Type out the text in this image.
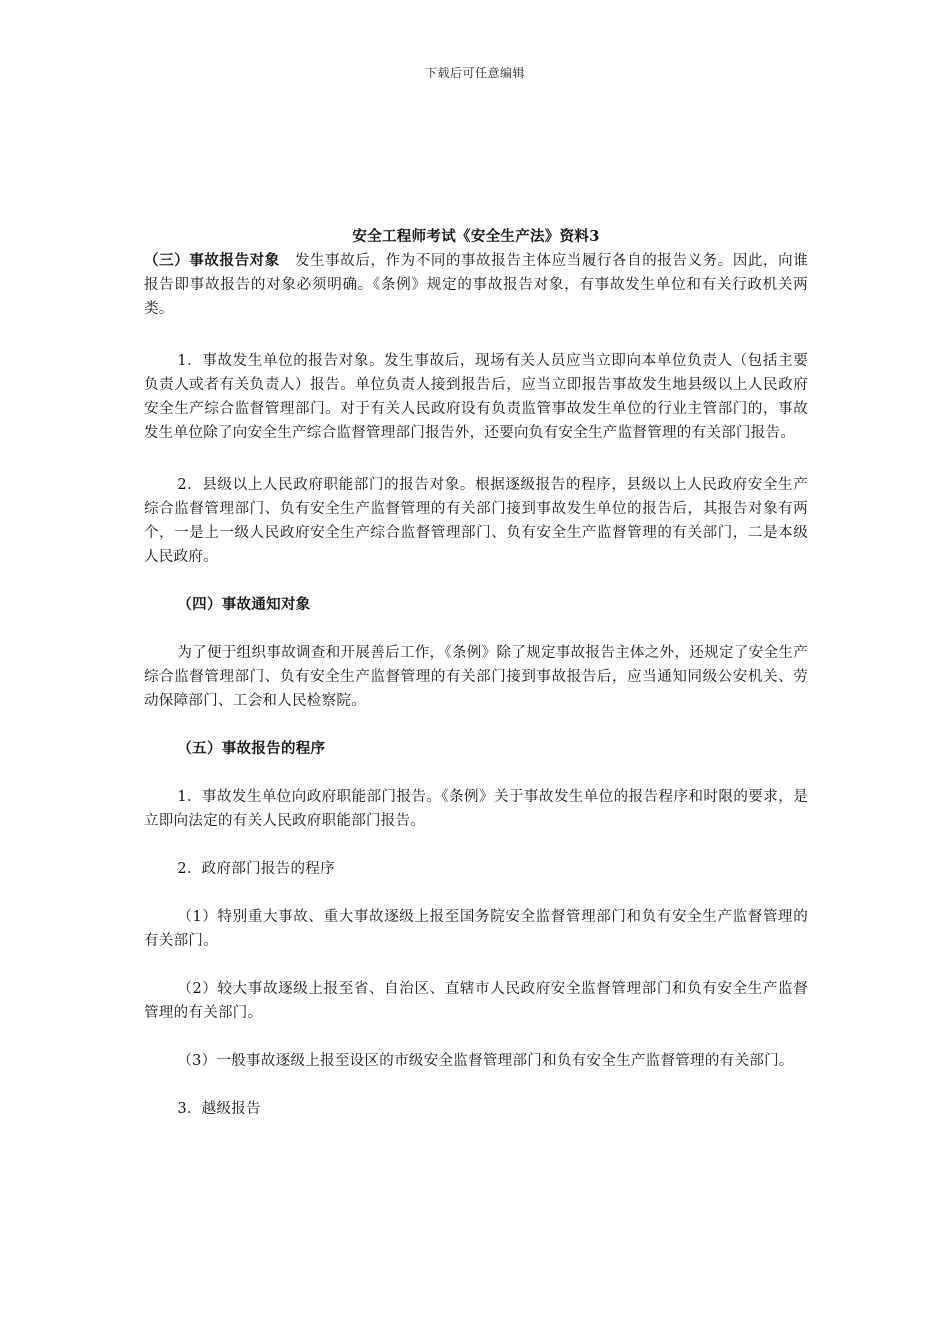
下载后可任意编辑

安全工程师考试《安全生产法》资料3

（三）事故报告对象　发生事故后，作为不同的事故报告主体应当履行各自的报告义务。因此，向谁报告即事故报告的对象必须明确。《条例》规定的事故报告对象，有事故发生单位和有关行政机关两类。

1．事故发生单位的报告对象。发生事故后，现场有关人员应当立即向本单位负责人（包括主要负责人或者有关负责人）报告。单位负责人接到报告后，应当立即报告事故发生地县级以上人民政府安全生产综合监督管理部门。对于有关人民政府设有负责监管事故发生单位的行业主管部门的，事故发生单位除了向安全生产综合监督管理部门报告外，还要向负有安全生产监督管理的有关部门报告。

2．县级以上人民政府职能部门的报告对象。根据逐级报告的程序，县级以上人民政府安全生产综合监督管理部门、负有安全生产监督管理的有关部门接到事故发生单位的报告后，其报告对象有两个，一是上一级人民政府安全生产综合监督管理部门、负有安全生产监督管理的有关部门，二是本级人民政府。

（四）事故通知对象

为了便于组织事故调查和开展善后工作，《条例》除了规定事故报告主体之外，还规定了安全生产综合监督管理部门、负有安全生产监督管理的有关部门接到事故报告后，应当通知同级公安机关、劳动保障部门、工会和人民检察院。

（五）事故报告的程序

1．事故发生单位向政府职能部门报告。《条例》关于事故发生单位的报告程序和时限的要求，是立即向法定的有关人民政府职能部门报告。

2．政府部门报告的程序

（1）特别重大事故、重大事故逐级上报至国务院安全监督管理部门和负有安全生产监督管理的有关部门。

（2）较大事故逐级上报至省、自治区、直辖市人民政府安全监督管理部门和负有安全生产监督管理的有关部门。

（3）一般事故逐级上报至设区的市级安全监督管理部门和负有安全生产监督管理的有关部门。

3．越级报告
